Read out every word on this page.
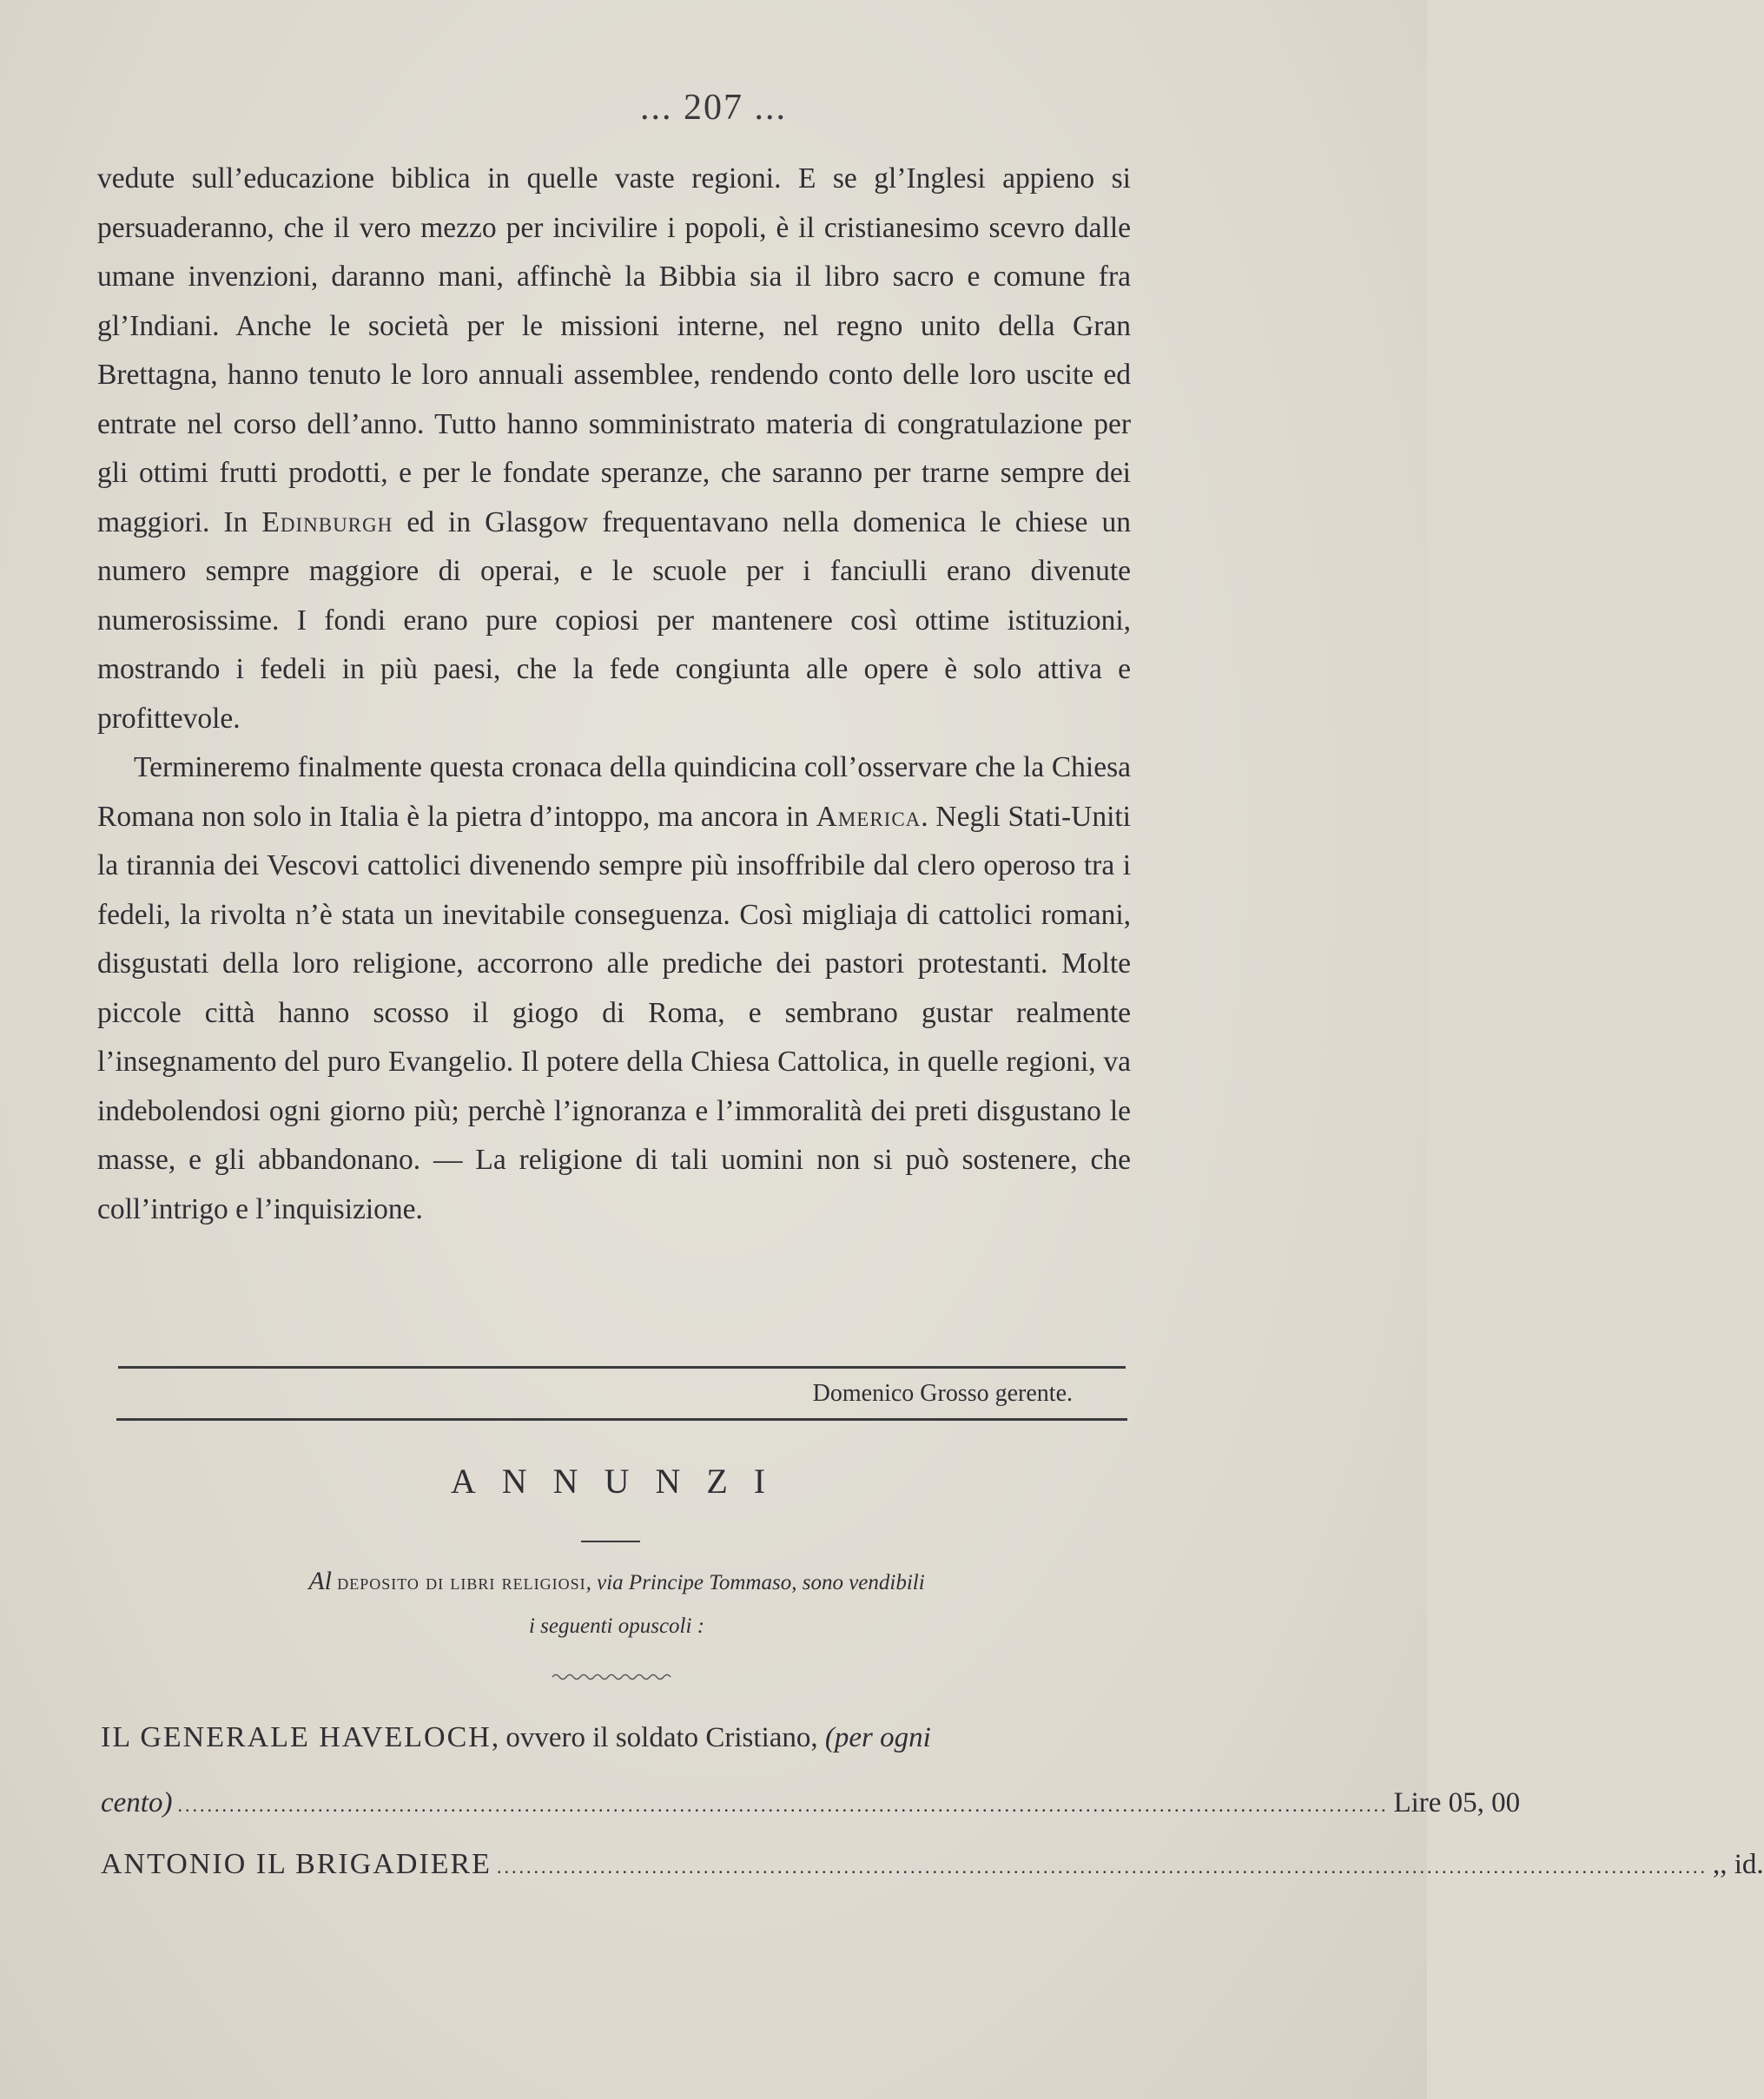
... 207 ...

vedute sull’educazione biblica in quelle vaste regioni. E se gl’Inglesi appieno si persuaderanno, che il vero mezzo per incivilire i popoli, è il cristianesimo scevro dalle umane invenzioni, daranno mani, affinchè la Bibbia sia il libro sacro e comune fra gl’Indiani. Anche le società per le missioni interne, nel regno unito della Gran Brettagna, hanno tenuto le loro annuali assemblee, rendendo conto delle loro uscite ed entrate nel corso dell’anno. Tutto hanno somministrato materia di congratulazione per gli ottimi frutti prodotti, e per le fondate speranze, che saranno per trarne sempre dei maggiori. In Edinburgh ed in Glasgow frequentavano nella domenica le chiese un numero sempre maggiore di operai, e le scuole per i fanciulli erano divenute numerosissime. I fondi erano pure copiosi per mantenere così ottime istituzioni, mostrando i fedeli in più paesi, che la fede congiunta alle opere è solo attiva e profittevole.

Termineremo finalmente questa cronaca della quindicina coll’osservare che la Chiesa Romana non solo in Italia è la pietra d’intoppo, ma ancora in America. Negli Stati-Uniti la tirannia dei Vescovi cattolici divenendo sempre più insoffribile dal clero operoso tra i fedeli, la rivolta n’è stata un inevitabile conseguenza. Così migliaja di cattolici romani, disgustati della loro religione, accorrono alle prediche dei pastori protestanti. Molte piccole città hanno scosso il giogo di Roma, e sembrano gustar realmente l’insegnamento del puro Evangelio. Il potere della Chiesa Cattolica, in quelle regioni, va indebolendosi ogni giorno più; perchè l’ignoranza e l’immoralità dei preti disgustano le masse, e gli abbandonano. — La religione di tali uomini non si può sostenere, che coll’intrigo e l’inquisizione.

Domenico Grosso gerente.
ANNUNZI
Al deposito di libri religiosi, via Principe Tommaso, sono vendibili
i seguenti opuscoli :
IL GENERALE HAVELOCH, ovvero il soldato Cristiano, (per ogni
cento) .................................................................................................................................................................... Lire 05, 00
ANTONIO IL BRIGADIERE .................................................................................................................................................................... ,, id.
